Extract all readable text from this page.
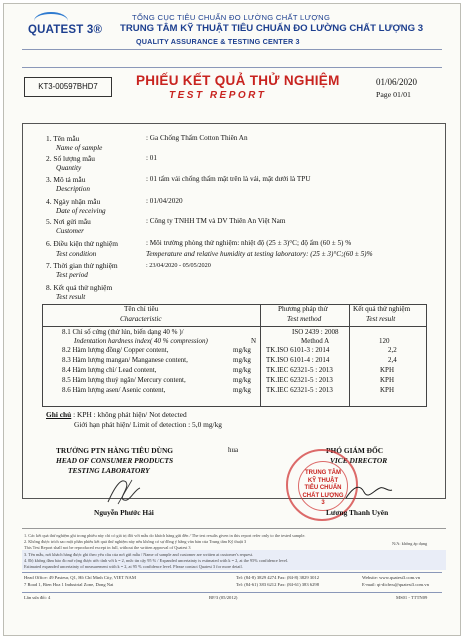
QUATEST 3®
TỔNG CỤC TIÊU CHUẨN ĐO LƯỜNG CHẤT LƯỢNG
TRUNG TÂM KỸ THUẬT TIÊU CHUẨN ĐO LƯỜNG CHẤT LƯỢNG 3
QUALITY ASSURANCE & TESTING CENTER 3
KT3-00597BHD7	PHIẾU KẾT QUẢ THỬ NGHIỆM
TEST REPORT
01/06/2020
Page 01/01
1. Tên mẫu
Name of sample
: Ga Chống Thấm Cotton Thiên An
2. Số lượng mẫu
Quantity
: 01
3. Mô tả mẫu
Description
: 01 tấm vải chống thấm mặt trên là vải, mặt dưới là TPU
4. Ngày nhận mẫu
Date of receiving
: 01/04/2020
5. Nơi gửi mẫu
Customer
: Công ty TNHH TM và DV Thiên An Việt Nam
6. Điều kiện thử nghiệm
Test condition
: Môi trường phòng thử nghiệm: nhiệt độ (25 ± 3)°C; độ ẩm (60 ± 5) %
Temperature and relative humidity at testing laboratory: (25 ± 3)°C;(60 ± 5)%
7. Thời gian thử nghiệm
Test period
: 23/04/2020 - 05/05/2020
8. Kết quả thử nghiệm
Test result
Tên chỉ tiêu
Characteristic
Phương pháp thử
Test method
Kết quả thử nghiệm
Test result
8.1 Chỉ số cứng (thử lún, biến dạng 40 % )/
Indentation hardness index( 40 % compression)	N
ISO 2439 : 2008
Method A	120
8.2 Hàm lượng đồng/ Copper content,	mg/kg TK.ISO 6101-3 : 2014	2,2
8.3 Hàm lượng mangan/ Manganese content,	mg/kg TK.ISO 6101-4 : 2014	2,4
8.4 Hàm lượng chì/ Lead content,	mg/kg TK.IEC 62321-5 : 2013	KPH
8.5 Hàm lượng thuỷ ngân/ Mercury content,	mg/kg TK.IEC 62321-5 : 2013	KPH
8.6 Hàm lượng asen/ Asenic content,	mg/kg TK.IEC 62321-5 : 2013	KPH
Ghi chú : KPH : không phát hiện/ Not detected
Giới hạn phát hiện/ Limit of detection : 5,0 mg/kg
TRƯỞNG PTN HÀNG TIÊU DÙNG
HEAD OF CONSUMER PRODUCTS
TESTING LABORATORY
Nguyễn Phước Hải
hua	PHÓ GIÁM ĐỐC
VICE DIRECTOR
TRUNG TÂM
KỸ THUẬT
TIÊU CHUẨN
CHẤT LƯỢNG 3
Lương Thanh Uyên
1. Các kết quả thử nghiệm ghi trong phiếu này chỉ có giá trị đối với mẫu do khách hàng gửi đến / The test results given in this report refer only to the tested sample.
2. Không được trích sao một phần phiếu kết quả thử nghiệm này nếu không có sự đồng ý bằng văn bản của Trung tâm Kỹ thuật 3
This Test Report shall not be reproduced except in full, without the written approval of Quatest 3
N/A: không áp dụng
3. Tên mẫu, nơi khách hàng được ghi theo yêu cầu của nơi gửi mẫu / Name of sample and customer are written at customer's request.
4. Độ không đảm bảo đo mở rộng được ước tính với k = 2, mức tin cậy 95 % / Expanded uncertainty is estimated with k = 2, at the 95% confidence level.
Estimated expanded uncertainty of measurement with k = 2, at 95 % confidence level. Please contact Quatest 3 for more detail.
Head Office: 49 Pasteur, Q1, Hồ Chí Minh City, VIET NAM
7 Road 1, Bien Hoa 1 Industrial Zone, Dong Nai
Tel: (84-8) 3829 4274 Fax: (84-8) 3829 3012
Tel: (84-61) 383 6212 Fax: (84-61) 383 6298
Website: www.quatest3.com.vn
E-mail: qt-dichvu@quatest3.com.vn
Lần sửa đổi: 4	BF/3 (05/2012)	MS01 - TTTN09
